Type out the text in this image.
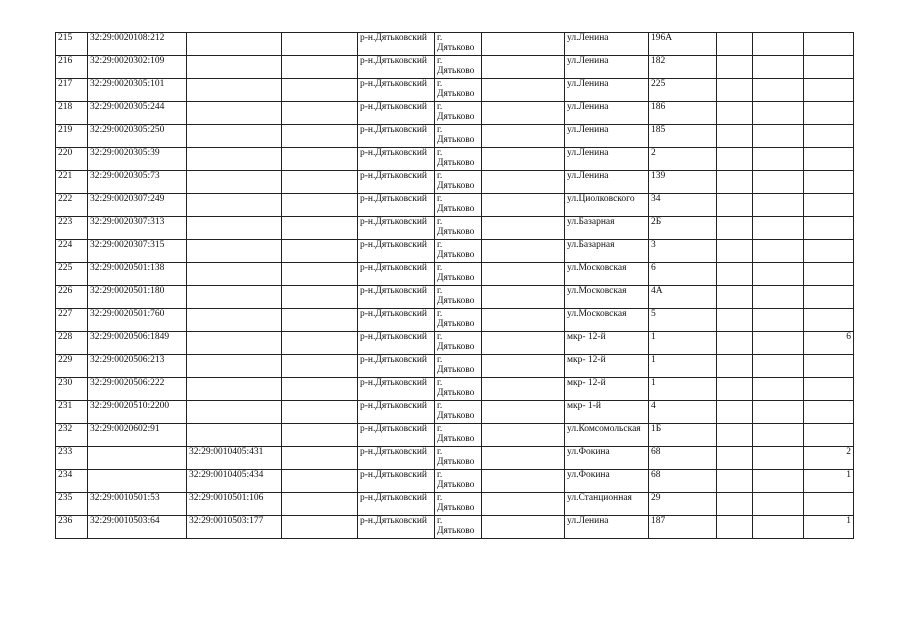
215	32:29:0020108:212			р-н.Дятьковский	г.
Дятьково		ул.Ленина	196А			
216	32:29:0020302:109			р-н.Дятьковский	г.
Дятьково		ул.Ленина	182			
217	32:29:0020305:101			р-н.Дятьковский	г.
Дятьково		ул.Ленина	225			
218	32:29:0020305:244			р-н.Дятьковский	г.
Дятьково		ул.Ленина	186			
219	32:29:0020305:250			р-н.Дятьковский	г.
Дятьково		ул.Ленина	185			
220	32:29:0020305:39			р-н.Дятьковский	г.
Дятьково		ул.Ленина	2			
221	32:29:0020305:73			р-н.Дятьковский	г.
Дятьково		ул.Ленина	139			
222	32:29:0020307:249			р-н.Дятьковский	г.
Дятьково		ул.Циолковского	34			
223	32:29:0020307:313			р-н.Дятьковский	г.
Дятьково		ул.Базарная	2Б			
224	32:29:0020307:315			р-н.Дятьковский	г.
Дятьково		ул.Базарная	3			
225	32:29:0020501:138			р-н.Дятьковский	г.
Дятьково		ул.Московская	6			
226	32:29:0020501:180			р-н.Дятьковский	г.
Дятьково		ул.Московская	4А			
227	32:29:0020501:760			р-н.Дятьковский	г.
Дятьково		ул.Московская	5			
228	32:29:0020506:1849			р-н.Дятьковский	г.
Дятьково		мкр- 12-й	1			6
229	32:29:0020506:213			р-н.Дятьковский	г.
Дятьково		мкр- 12-й	1			
230	32:29:0020506:222			р-н.Дятьковский	г.
Дятьково		мкр- 12-й	1			
231	32:29:0020510:2200			р-н.Дятьковский	г.
Дятьково		мкр- 1-й	4			
232	32:29:0020602:91			р-н.Дятьковский	г.
Дятьково		ул.Комсомольская	1Б			
233		32:29:0010405:431		р-н.Дятьковский	г.
Дятьково		ул.Фокина	68			2
234		32:29:0010405:434		р-н.Дятьковский	г.
Дятьково		ул.Фокина	68			1
235	32:29:0010501:53	32:29:0010501:106		р-н.Дятьковский	г.
Дятьково		ул.Станционная	29			
236	32:29:0010503:64	32:29:0010503:177		р-н.Дятьковский	г.
Дятьково		ул.Ленина	187			1
